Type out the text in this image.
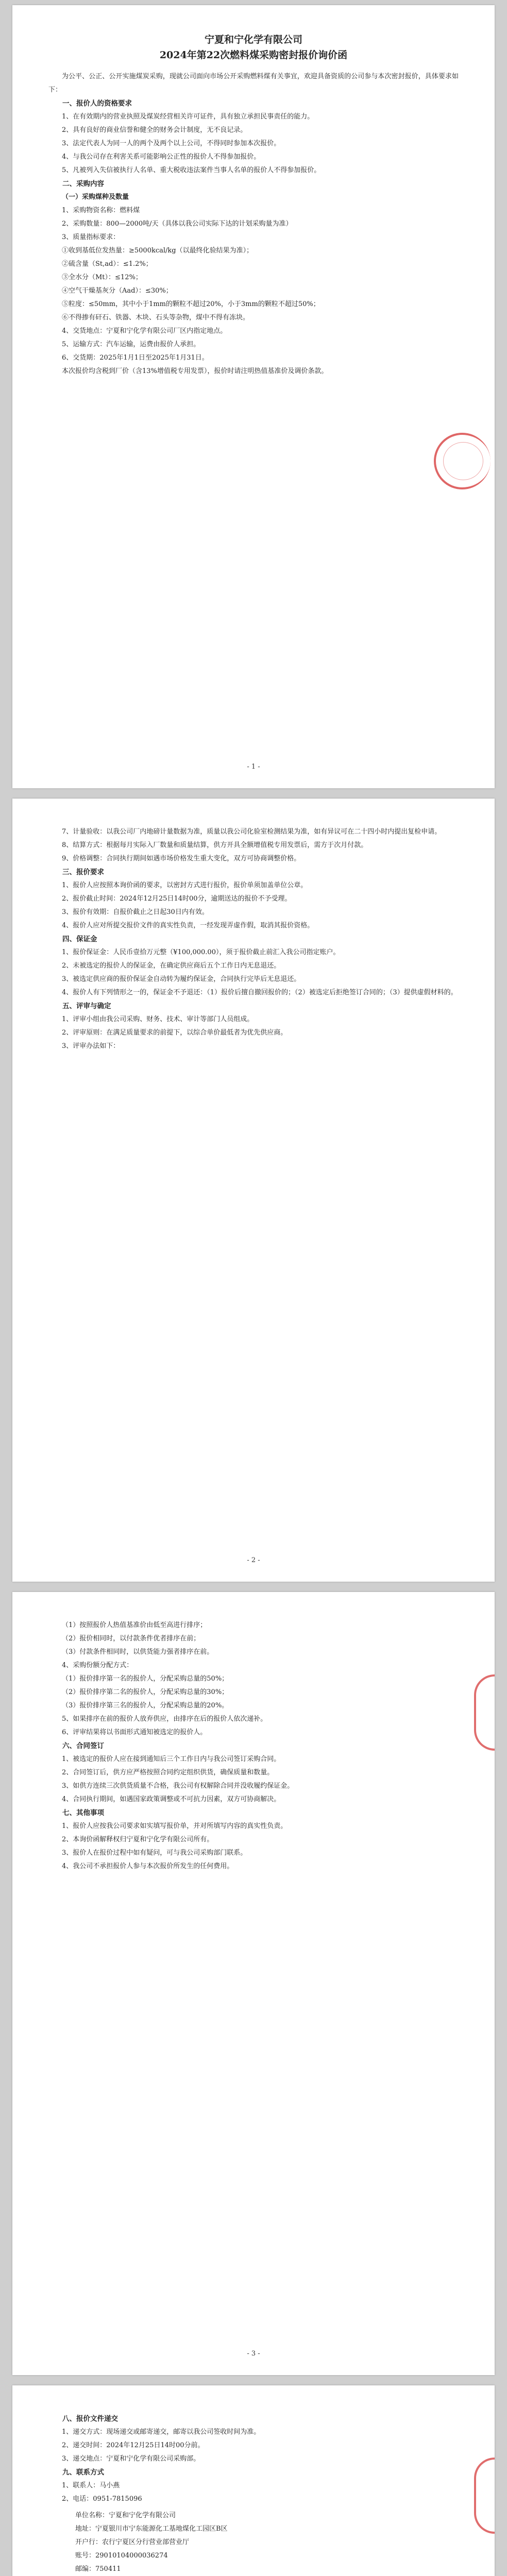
宁夏和宁化学有限公司

2024年第22次燃料煤采购密封报价询价函

为公平、公正、公开实施煤炭采购，现就公司面向市场公开采购燃料煤有关事宜，欢迎具备资质的公司参与本次密封报价，具体要求如下：

一、报价人的资格要求

1、在有效期内的营业执照及煤炭经营相关许可证件，具有独立承担民事责任的能力。

2、具有良好的商业信誉和健全的财务会计制度，无不良记录。

3、法定代表人为同一人的两个及两个以上公司，不得同时参加本次报价。

4、与我公司存在利害关系可能影响公正性的报价人不得参加报价。

5、凡被列入失信被执行人名单、重大税收违法案件当事人名单的报价人不得参加报价。

二、采购内容

（一）采购煤种及数量

1、采购物资名称：燃料煤

2、采购数量：800—2000吨/天（具体以我公司实际下达的计划采购量为准）

3、质量指标要求：

①收到基低位发热量：≥5000kcal/kg（以最终化验结果为准）；

②硫含量（St,ad）：≤1.2%；

③全水分（Mt）：≤12%；

④空气干燥基灰分（Aad）：≤30%；

⑤粒度：≤50mm，其中小于1mm的颗粒不超过20%，小于3mm的颗粒不超过50%；

⑥不得掺有矸石、铁器、木块、石头等杂物，煤中不得有冻块。

4、交货地点：宁夏和宁化学有限公司厂区内指定地点。

5、运输方式：汽车运输，运费由报价人承担。

6、交货期：2025年1月1日至2025年1月31日。

本次报价均含税到厂价（含13%增值税专用发票），报价时请注明热值基准价及调价条款。

- 1 -

7、计量验收：以我公司厂内地磅计量数据为准，质量以我公司化验室检测结果为准，如有异议可在二十四小时内提出复检申请。

8、结算方式：根据每月实际入厂数量和质量结算，供方开具全额增值税专用发票后，需方于次月付款。

9、价格调整：合同执行期间如遇市场价格发生重大变化，双方可协商调整价格。

三、报价要求

1、报价人应按照本询价函的要求，以密封方式进行报价，报价单须加盖单位公章。

2、报价截止时间：2024年12月25日14时00分，逾期送达的报价不予受理。

3、报价有效期：自报价截止之日起30日内有效。

4、报价人应对所提交报价文件的真实性负责，一经发现弄虚作假，取消其报价资格。

四、保证金

1、报价保证金：人民币壹拾万元整（¥100,000.00），须于报价截止前汇入我公司指定账户。

2、未被选定的报价人的保证金，在确定供应商后五个工作日内无息退还。

3、被选定供应商的报价保证金自动转为履约保证金，合同执行完毕后无息退还。

4、报价人有下列情形之一的，保证金不予退还：（1）报价后擅自撤回报价的；（2）被选定后拒绝签订合同的；（3）提供虚假材料的。

五、评审与确定

1、评审小组由我公司采购、财务、技术、审计等部门人员组成。

2、评审原则：在满足质量要求的前提下，以综合单价最低者为优先供应商。

3、评审办法如下：

- 2 -

（1）按照报价人热值基准价由低至高进行排序；

（2）报价相同时，以付款条件优者排序在前；

（3）付款条件相同时，以供货能力强者排序在前。

4、采购份额分配方式：

（1）报价排序第一名的报价人，分配采购总量的50%；

（2）报价排序第二名的报价人，分配采购总量的30%；

（3）报价排序第三名的报价人，分配采购总量的20%。

5、如果排序在前的报价人放弃供应，由排序在后的报价人依次递补。

6、评审结果将以书面形式通知被选定的报价人。

六、合同签订

1、被选定的报价人应在接到通知后三个工作日内与我公司签订采购合同。

2、合同签订后，供方应严格按照合同约定组织供货，确保质量和数量。

3、如供方连续三次供货质量不合格，我公司有权解除合同并没收履约保证金。

4、合同执行期间，如遇国家政策调整或不可抗力因素，双方可协商解决。

七、其他事项

1、报价人应按我公司要求如实填写报价单，并对所填写内容的真实性负责。

2、本询价函解释权归宁夏和宁化学有限公司所有。

3、报价人在报价过程中如有疑问，可与我公司采购部门联系。

4、我公司不承担报价人参与本次报价所发生的任何费用。

- 3 -

八、报价文件递交

1、递交方式：现场递交或邮寄递交，邮寄以我公司签收时间为准。

2、递交时间：2024年12月25日14时00分前。

3、递交地点：宁夏和宁化学有限公司采购部。

九、联系方式

1、联系人：马小燕

2、电话：0951-7815096

单位名称：宁夏和宁化学有限公司

地址：宁夏银川市宁东能源化工基地煤化工园区B区

开户行：农行宁夏区分行营业部营业厅

账号：29010104000036274

邮编：750411
